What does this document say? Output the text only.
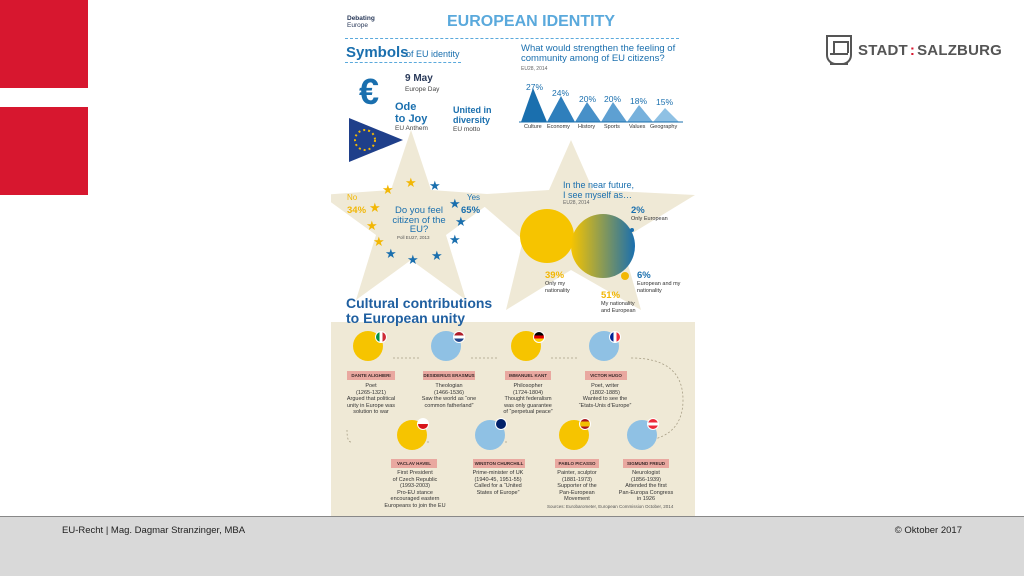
STADT : SALZBURG
Debating
Europe	EUROPEAN IDENTITY
Symbols
of EU identity
€	9 May
Europe Day
Ode
to Joy
EU Anthem
United in
diversity
EU motto
What would strengthen the feeling of
community among of EU citizens?
EU28, 2014
27%
24%
20% 20% 18% 15%
Culture Economy History Sports Values Geography
★
★
★
★
★
★
★
★
★
★
★
★
No
34%
Yes
65%
Do you feel
citizen of the
EU?
Poll EU27, 2013
In the near future,
I see myself as…
EU28, 2014
2%
Only European
39%
Only my
nationality	51%
My nationality
and European
6%
European and my
nationality
Cultural contributions
to European unity
DANTE ALIGHIERI
Poet
(1265-1321)
Argued that political
unity in Europe was
solution to war
DESIDERIUS ERASMUS
Theologian
(1466-1536)
Saw the world as “one
common fatherland”
IMMANUEL KANT
Philosopher
(1724-1804)
Thought federalism
was only guarantee
of “perpetual peace”
VICTOR HUGO
Poet, writer
(1802-1885)
Wanted to see the
“Etats-Unis d’Europe”
VACLAV HAVEL
First President
of Czech Republic
(1993-2003)
Pro-EU stance
encouraged eastern
Europeans to join the EU
WINSTON CHURCHILL
Prime-minister of UK
(1940-45, 1951-55)
Called for a “United
States of Europe”
PABLO PICASSO
Painter, sculptor
(1881-1973)
Supporter of the
Pan-European
Movement
SIGMUND FREUD
Neurologist
(1856-1939)
Attended the first
Pan-Europa Congress
in 1926
Sources: Eurobarometer, European Commission October, 2014
EU-Recht | Mag. Dagmar Stranzinger, MBA	© Oktober 2017
